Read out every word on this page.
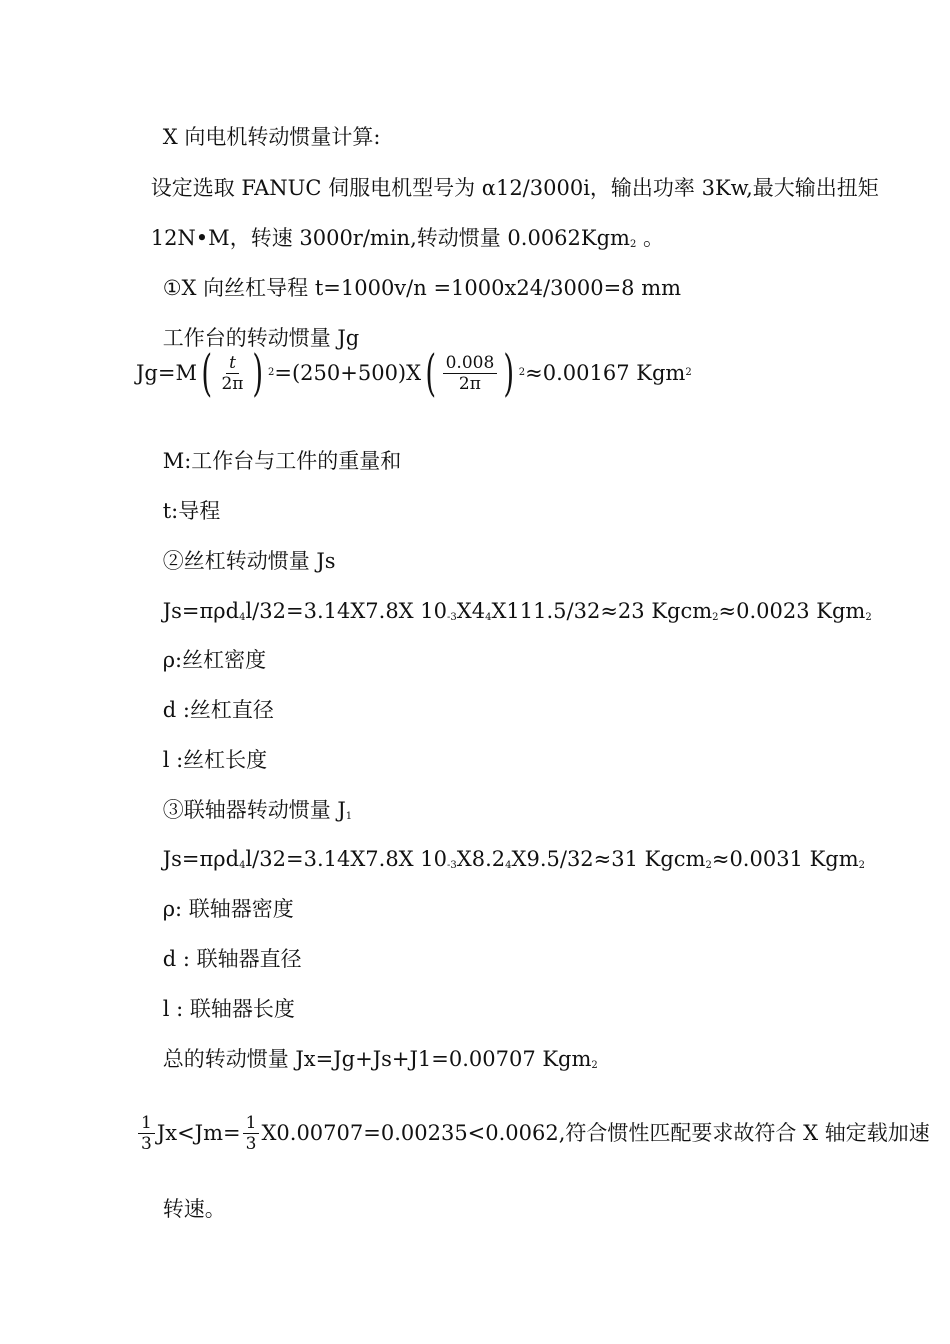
X 向电机转动惯量计算:

设定选取 FANUC 伺服电机型号为 α12/3000i，输出功率 3Kw,最大输出扭矩

12N•M，转速 3000r/min,转动惯量 0.0062Kgm$_2$ 。

①X 向丝杠导程 t=1000v/n =1000x24/3000=8 mm

工作台的转动惯量 Jg

Jg=M ( $\frac{t}{2\pi}$ ) 2 =(250+500)X ( $\frac{0.008}{2\pi}$ ) 2 ≈0.00167 Kgm 2

M:工作台与工件的重量和

t:导程

②丝杠转动惯量 Js

Js=πρd$_4$l/32=3.14X7.8X $10_{-3}X4_4X111.5/32\approx 23$ Kgcm$_2$≈0.0023 Kgm$_2$

ρ:丝杠密度

d :丝杠直径

l :丝杠长度

③联轴器转动惯量 $J_1$

Js=πρd$_4$l/32=3.14X7.8X $10_{-3}X8.2_4X9.5/32\approx 31$ Kgcm$_2$≈0.0031 Kgm$_2$

ρ: 联轴器密度

d : 联轴器直径

l : 联轴器长度

总的转动惯量 Jx=Jg+Js+J1=0.00707 Kgm$_2$

$\frac{1}{3} Jx<Jm= \frac{1}{3} X0.00707=0.00235<0.0062$,符合惯性匹配要求故符合 X 轴定载加速

转速。
